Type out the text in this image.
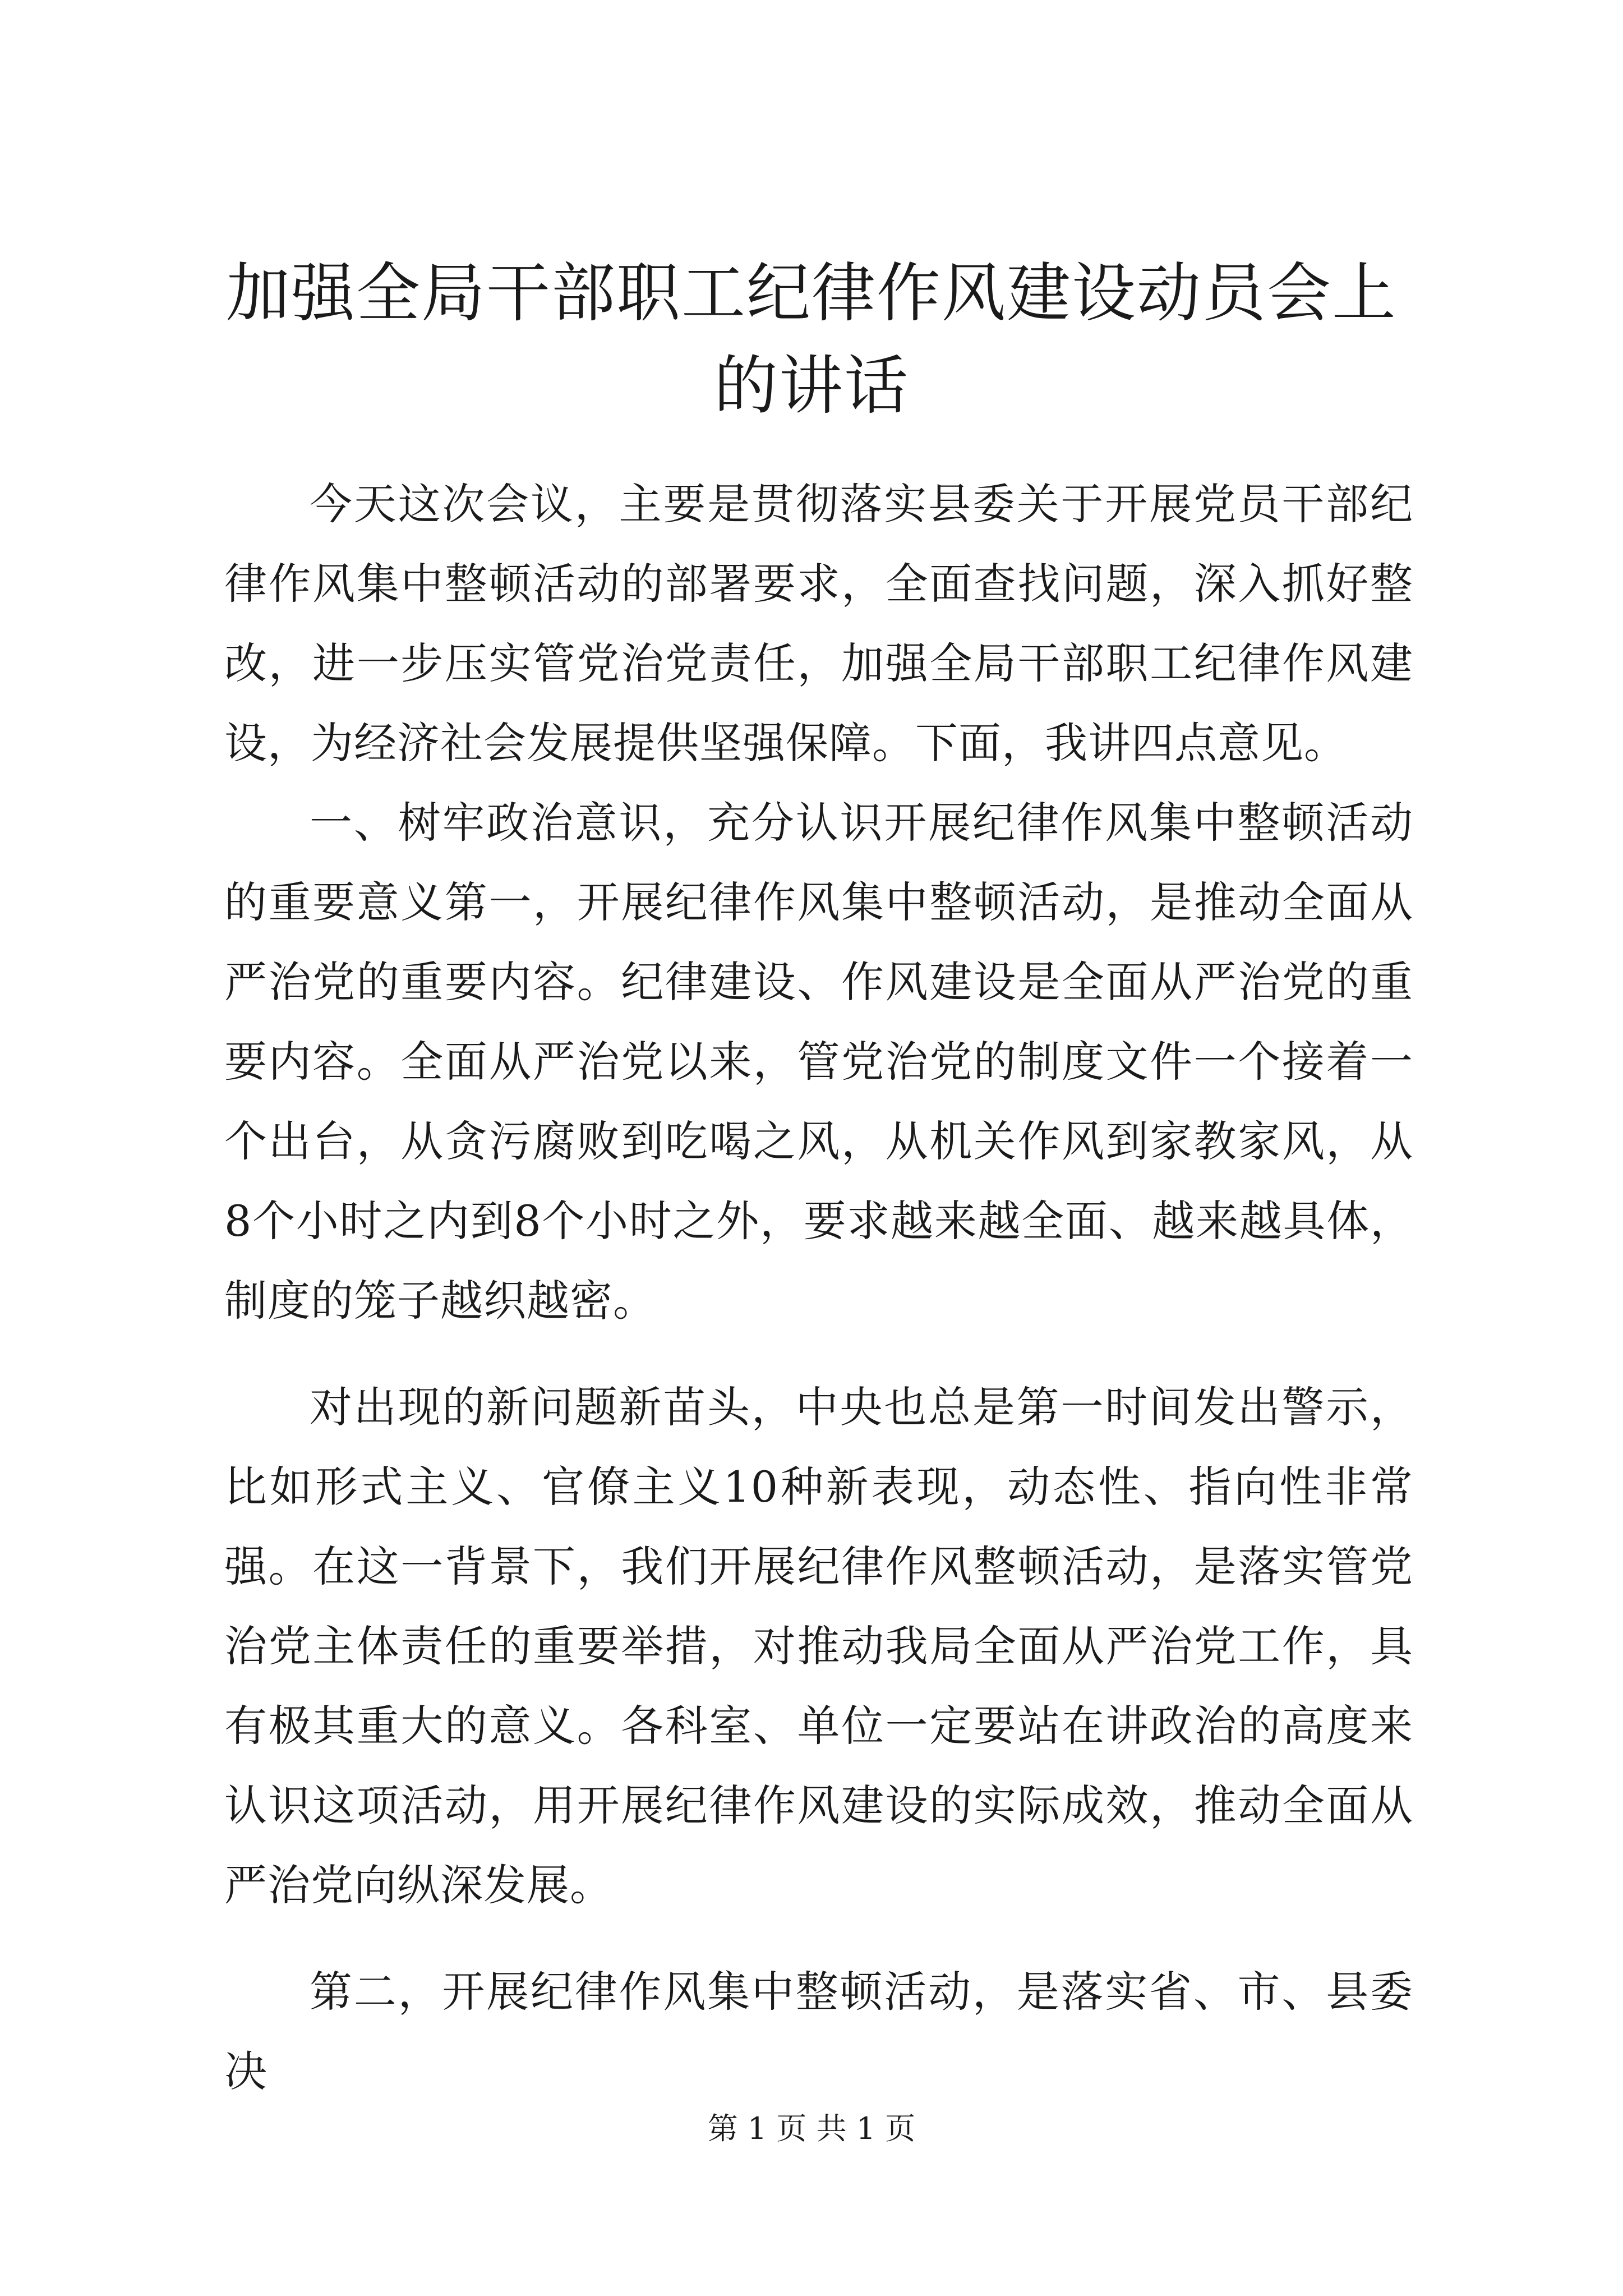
加强全局干部职工纪律作风建设动员会上的讲话

今天这次会议，主要是贯彻落实县委关于开展党员干部纪律作风集中整顿活动的部署要求，全面查找问题，深入抓好整改，进一步压实管党治党责任，加强全局干部职工纪律作风建设，为经济社会发展提供坚强保障。下面，我讲四点意见。

一、树牢政治意识，充分认识开展纪律作风集中整顿活动的重要意义第一，开展纪律作风集中整顿活动，是推动全面从严治党的重要内容。纪律建设、作风建设是全面从严治党的重要内容。全面从严治党以来，管党治党的制度文件一个接着一个出台，从贪污腐败到吃喝之风，从机关作风到家教家风，从8个小时之内到8个小时之外，要求越来越全面、越来越具体，制度的笼子越织越密。

对出现的新问题新苗头，中央也总是第一时间发出警示，比如形式主义、官僚主义10种新表现，动态性、指向性非常强。在这一背景下，我们开展纪律作风整顿活动，是落实管党治党主体责任的重要举措，对推动我局全面从严治党工作，具有极其重大的意义。各科室、单位一定要站在讲政治的高度来认识这项活动，用开展纪律作风建设的实际成效，推动全面从严治党向纵深发展。

第二，开展纪律作风集中整顿活动，是落实省、市、县委决

第 1 页 共 1 页
